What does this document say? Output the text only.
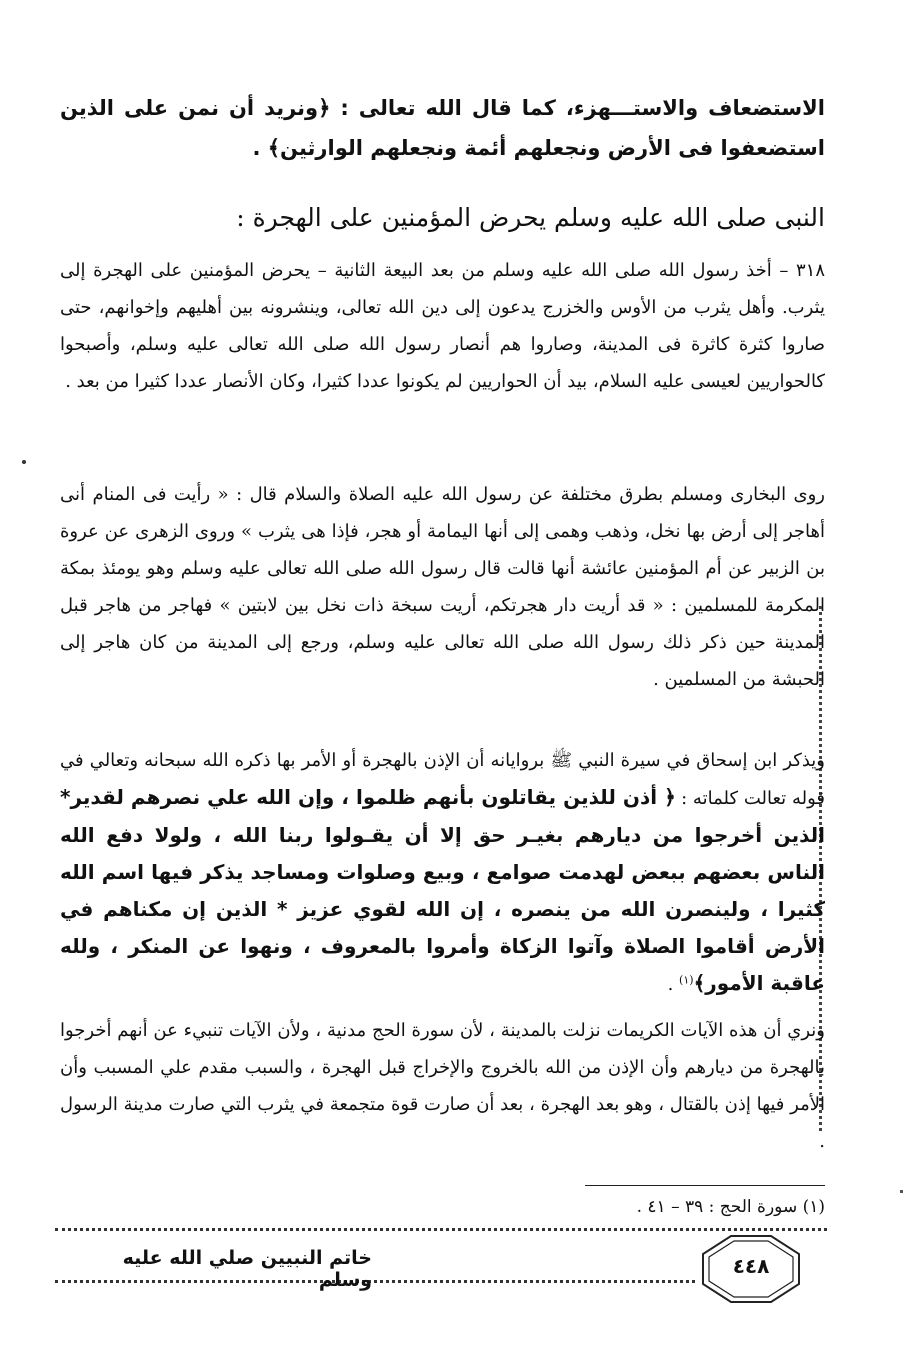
الاستضعاف والاستـــهزء، كما قال الله تعالى : ﴿ونريد أن نمن على الذين استضعفوا فى الأرض ونجعلهم أئمة ونجعلهم الوارثين﴾ .
النبى صلى الله عليه وسلم يحرض المؤمنين على الهجرة :
٣١٨ – أخذ رسول الله صلى الله عليه وسلم من بعد البيعة الثانية – يحرض المؤمنين على الهجرة إلى يثرب. وأهل يثرب من الأوس والخزرج يدعون إلى دين الله تعالى، وينشرونه بين أهليهم وإخوانهم، حتى صاروا كثرة كاثرة فى المدينة، وصاروا هم أنصار رسول الله صلى الله تعالى عليه وسلم، وأصبحوا كالحواريين لعيسى عليه السلام، بيد أن الحواريين لم يكونوا عددا كثيرا، وكان الأنصار عددا كثيرا من بعد .
روى البخارى ومسلم بطرق مختلفة عن رسول الله عليه الصلاة والسلام قال : « رأيت فى المنام أنى أهاجر إلى أرض بها نخل، وذهب وهمى إلى أنها اليمامة أو هجر، فإذا هى يثرب » وروى الزهرى عن عروة بن الزبير عن أم المؤمنين عائشة أنها قالت قال رسول الله صلى الله تعالى عليه وسلم وهو يومئذ بمكة المكرمة للمسلمين : « قد أريت دار هجرتكم، أريت سبخة ذات نخل بين لابتين » فهاجر من هاجر قبل المدينة حين ذكر ذلك رسول الله صلى الله تعالى عليه وسلم، ورجع إلى المدينة من كان هاجر إلى الحبشة من المسلمين .
ويذكر ابن إسحاق في سيرة النبي ﷺ بروايانه أن الإذن بالهجرة أو الأمر بها ذكره الله سبحانه وتعالي في قوله تعالت كلماته : ﴿ أذن للذين يقاتلون بأنهم ظلموا ، وإن الله علي نصرهم لقدير* الذين أخرجوا من ديارهم بغيـر حق إلا أن يقـولوا ربنا الله ، ولولا دفع الله الناس بعضهم ببعض لهدمت صوامع ، وبيع وصلوات ومساجد يذكر فيها اسم الله كثيرا ، ولينصرن الله من ينصره ، إن الله لقوي عزيز * الذين إن مكناهم في الأرض أقاموا الصلاة وآتوا الزكاة وأمروا بالمعروف ، ونهوا عن المنكر ، ولله عاقبة الأمور﴾$^{(١)}$ .
ونري أن هذه الآيات الكريمات نزلت بالمدينة ، لأن سورة الحج مدنية ، ولأن الآيات تنبيء عن أنهم أخرجوا بالهجرة من ديارهم وأن الإذن من الله بالخروج والإخراج قبل الهجرة ، والسبب مقدم علي المسبب وأن الأمر فيها إذن بالقتال ، وهو بعد الهجرة ، بعد أن صارت قوة متجمعة في يثرب التي صارت مدينة الرسول .
(١) سورة الحج : ٣٩ – ٤١ .
خاتم النبيين صلي الله عليه وسلم
٤٤٨
